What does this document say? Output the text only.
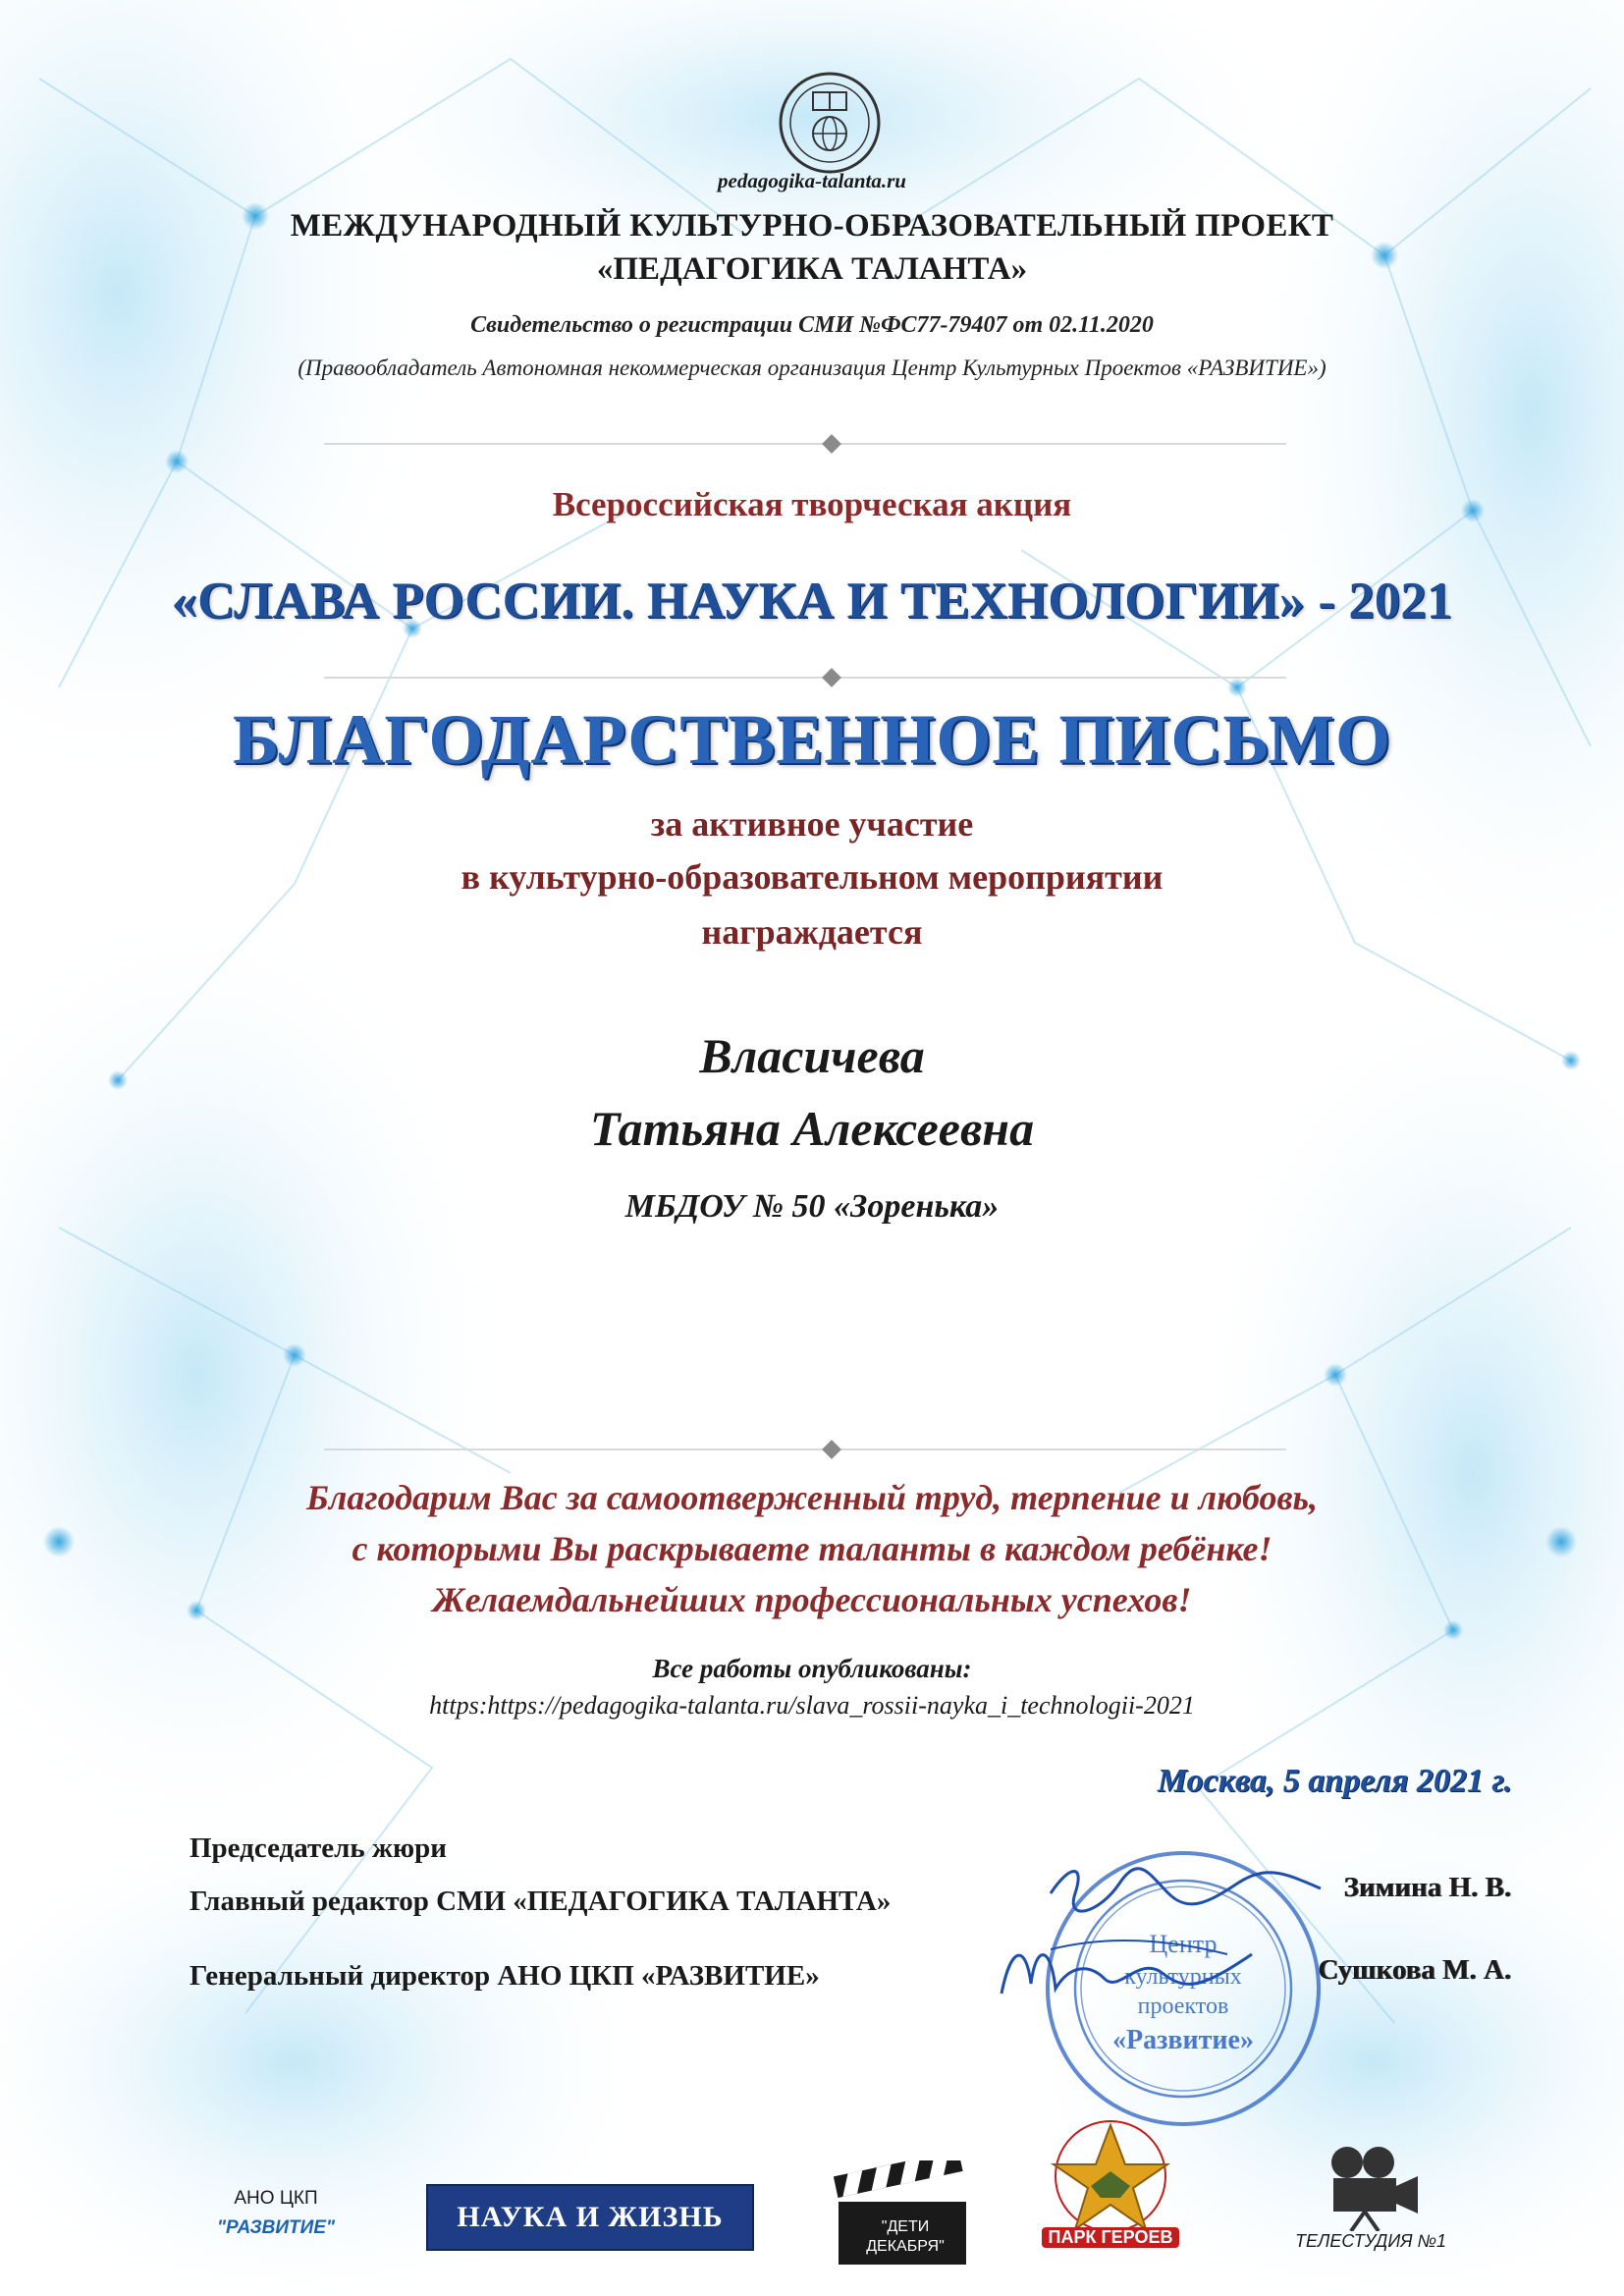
pedagogika-talanta.ru
МЕЖДУНАРОДНЫЙ КУЛЬТУРНО-ОБРАЗОВАТЕЛЬНЫЙ ПРОЕКТ
«ПЕДАГОГИКА ТАЛАНТА»
Свидетельство о регистрации СМИ №ФС77-79407 от 02.11.2020
(Правообладатель Автономная некоммерческая организация Центр Культурных Проектов «РАЗВИТИЕ»)
Всероссийская творческая акция
«СЛАВА РОССИИ. НАУКА И ТЕХНОЛОГИИ» - 2021
БЛАГОДАРСТВЕННОЕ ПИСЬМО
за активное участие
в культурно-образовательном мероприятии
награждается
Власичева
Татьяна Алексеевна
МБДОУ № 50 «Зоренька»
Благодарим Вас за самоотверженный труд, терпение и любовь,
с которыми Вы раскрываете таланты в каждом ребёнке!
Желаемдальнейших профессиональных успехов!
Все работы опубликованы:
https:https://pedagogika-talanta.ru/slava_rossii-nayka_i_technologii-2021
Москва, 5 апреля 2021 г.
Председатель жюри
Главный редактор СМИ «ПЕДАГОГИКА ТАЛАНТА»
Генеральный директор АНО ЦКП «РАЗВИТИЕ»
Центр
культурных
проектов
«Развитие»
Зимина Н. В.
Сушкова М. А.
АНО ЦКП
"РАЗВИТИЕ"	НАУКА И ЖИЗНЬ	"ДЕТИ
ДЕКАБРЯ"	ПАРК ГЕРОЕВ	ТЕЛЕСТУДИЯ №1
